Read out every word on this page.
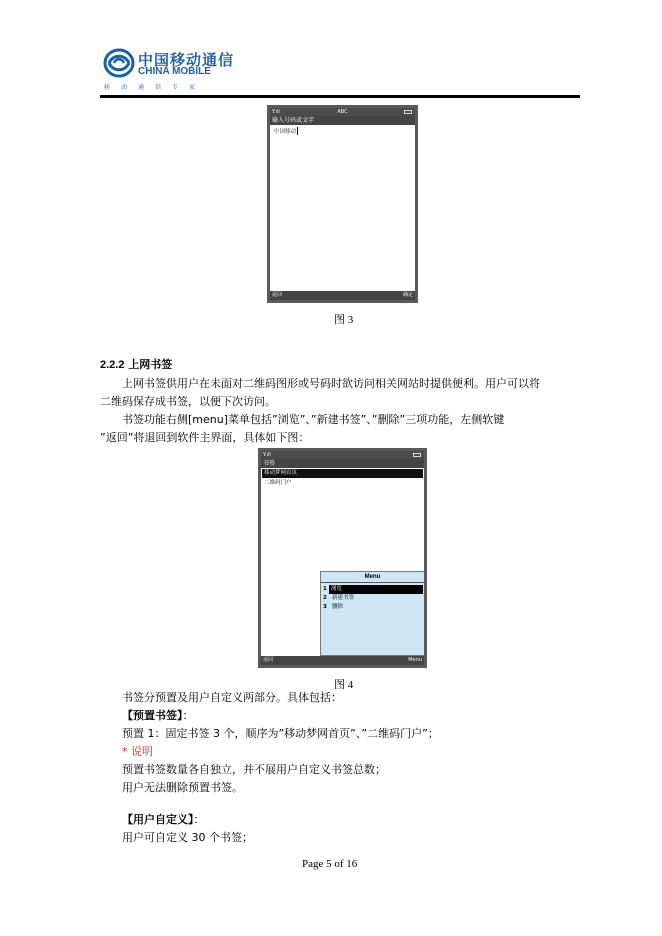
中国移动通信
CHINA MOBILE
移动通信专家
Y.ıll	ABC
输入号码或文字
中国移动
返回	确定
图 3
2.2.2 上网书签
上网书签供用户在未面对二维码图形或号码时欲访问相关网站时提供便利。用户可以将
二维码保存成书签，以便下次访问。
书签功能右侧[menu]菜单包括”浏览”、”新建书签”、”删除”三项功能，左侧软键
”返回”将退回到软件主界面，具体如下图：
Y.ıll
书签
移动梦网首页
二维码门户
Menu
1 浏览
2 新建书签
3 删除
返回	Menu
图 4
书签分预置及用户自定义两部分。具体包括：
【预置书签】：
预置 1：固定书签 3 个，顺序为”移动梦网首页”、”二维码门户”；
* 说明
预置书签数量各自独立，并不展用户自定义书签总数；
用户无法删除预置书签。
【用户自定义】：
用户可自定义 30 个书签；
Page 5 of 16
